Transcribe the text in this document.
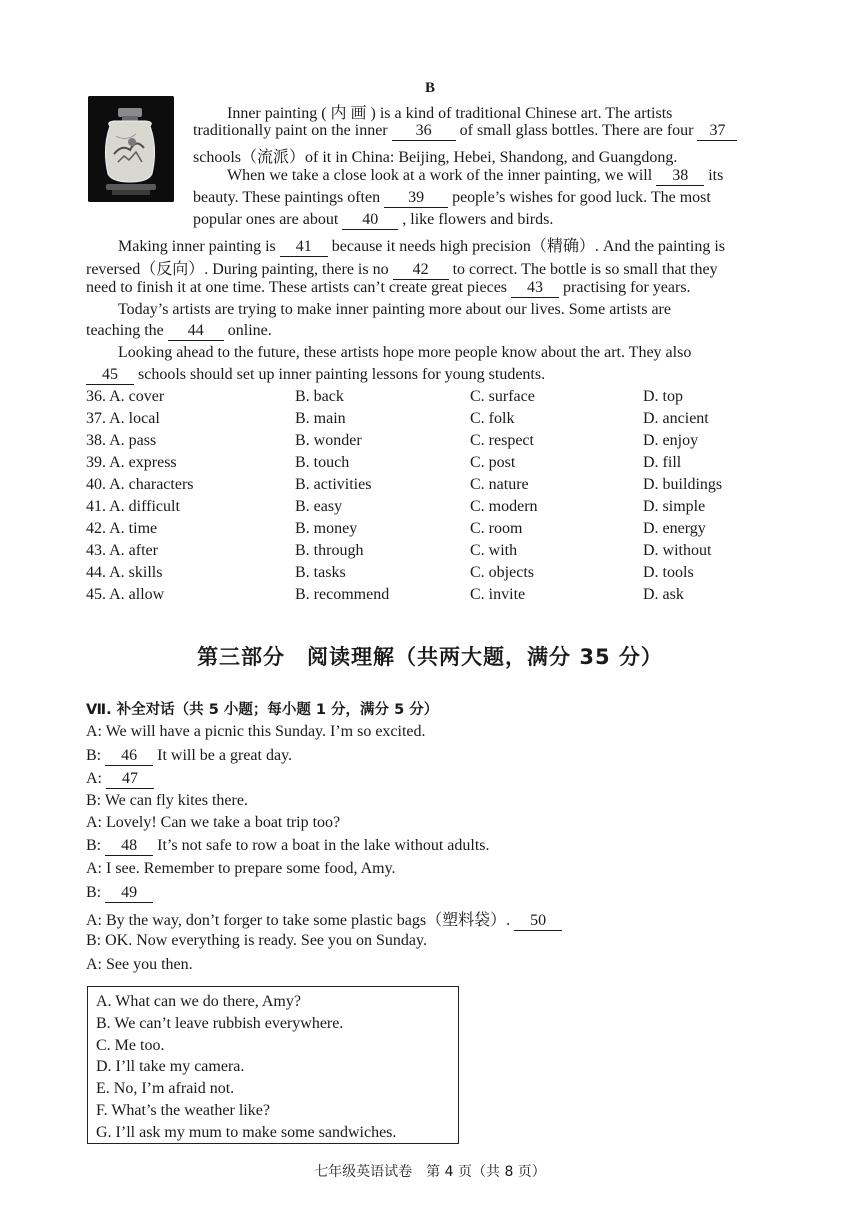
B
Inner painting ( 内 画 ) is a kind of traditional Chinese art. The artists
traditionally paint on the inner 36 of small glass bottles. There are four 37
schools（流派）of it in China: Beijing, Hebei, Shandong, and Guangdong.
When we take a close look at a work of the inner painting, we will 38 its
beauty. These paintings often 39 people’s wishes for good luck. The most
popular ones are about 40 , like flowers and birds.
Making inner painting is 41 because it needs high precision（精确）. And the painting is
reversed（反向）. During painting, there is no 42 to correct. The bottle is so small that they
need to finish it at one time. These artists can’t create great pieces 43 practising for years.
Today’s artists are trying to make inner painting more about our lives. Some artists are
teaching the 44 online.
Looking ahead to the future, these artists hope more people know about the art. They also
45 schools should set up inner painting lessons for young students.
36. A. cover	B. back	C. surface	D. top
37. A. local	B. main	C. folk	D. ancient
38. A. pass	B. wonder	C. respect	D. enjoy
39. A. express	B. touch	C. post	D. fill
40. A. characters	B. activities	C. nature	D. buildings
41. A. difficult	B. easy	C. modern	D. simple
42. A. time	B. money	C. room	D. energy
43. A. after	B. through	C. with	D. without
44. A. skills	B. tasks	C. objects	D. tools
45. A. allow	B. recommend	C. invite	D. ask
第三部分　阅读理解（共两大题，满分 35 分）
Ⅶ. 补全对话（共 5 小题；每小题 1 分，满分 5 分）
A: We will have a picnic this Sunday. I’m so excited.
B: 46 It will be a great day.
A: 47
B: We can fly kites there.
A: Lovely! Can we take a boat trip too?
B: 48 It’s not safe to row a boat in the lake without adults.
A: I see. Remember to prepare some food, Amy.
B: 49
A: By the way, don’t forger to take some plastic bags（塑料袋）. 50
B: OK. Now everything is ready. See you on Sunday.
A: See you then.
A. What can we do there, Amy?
B. We can’t leave rubbish everywhere.
C. Me too.
D. I’ll take my camera.
E. No, I’m afraid not.
F. What’s the weather like?
G. I’ll ask my mum to make some sandwiches.
七年级英语试卷　第 4 页（共 8 页）
